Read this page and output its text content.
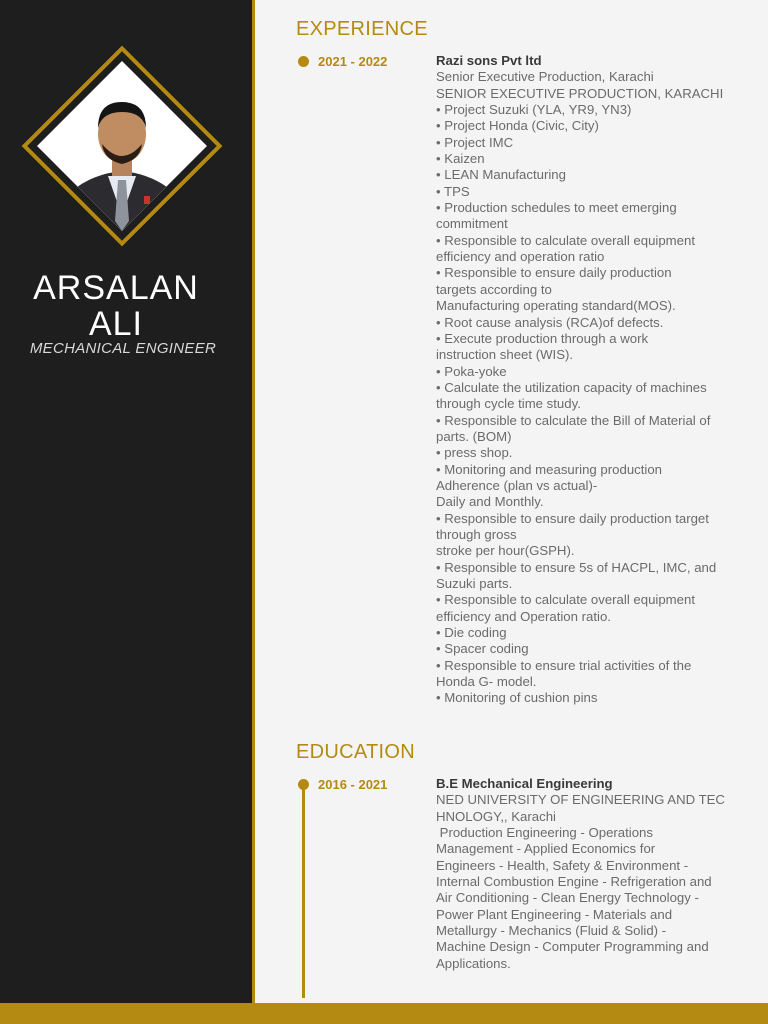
ARSALAN
ALI
MECHANICAL ENGINEER
EXPERIENCE
2021 - 2022	Razi sons Pvt ltd
Senior Executive Production, Karachi
SENIOR EXECUTIVE PRODUCTION, KARACHI
• Project Suzuki (YLA, YR9, YN3)
• Project Honda (Civic, City)
• Project IMC
• Kaizen
• LEAN Manufacturing
• TPS
• Production schedules to meet emerging
commitment
• Responsible to calculate overall equipment
efficiency and operation ratio
• Responsible to ensure daily production
targets according to
Manufacturing operating standard(MOS).
• Root cause analysis (RCA)of defects.
• Execute production through a work
instruction sheet (WIS).
• Poka-yoke
• Calculate the utilization capacity of machines
through cycle time study.
• Responsible to calculate the Bill of Material of
parts. (BOM)
• press shop.
• Monitoring and measuring production
Adherence (plan vs actual)-
Daily and Monthly.
• Responsible to ensure daily production target
through gross
stroke per hour(GSPH).
• Responsible to ensure 5s of HACPL, IMC, and
Suzuki parts.
• Responsible to calculate overall equipment
efficiency and Operation ratio.
• Die coding
• Spacer coding
• Responsible to ensure trial activities of the
Honda G- model.
• Monitoring of cushion pins
EDUCATION
2016 - 2021	B.E Mechanical Engineering
NED UNIVERSITY OF ENGINEERING AND TEC
HNOLOGY,, Karachi
Production Engineering - Operations
Management - Applied Economics for
Engineers - Health, Safety & Environment -
Internal Combustion Engine - Refrigeration and
Air Conditioning - Clean Energy Technology -
Power Plant Engineering - Materials and
Metallurgy - Mechanics (Fluid & Solid) -
Machine Design - Computer Programming and
Applications.
